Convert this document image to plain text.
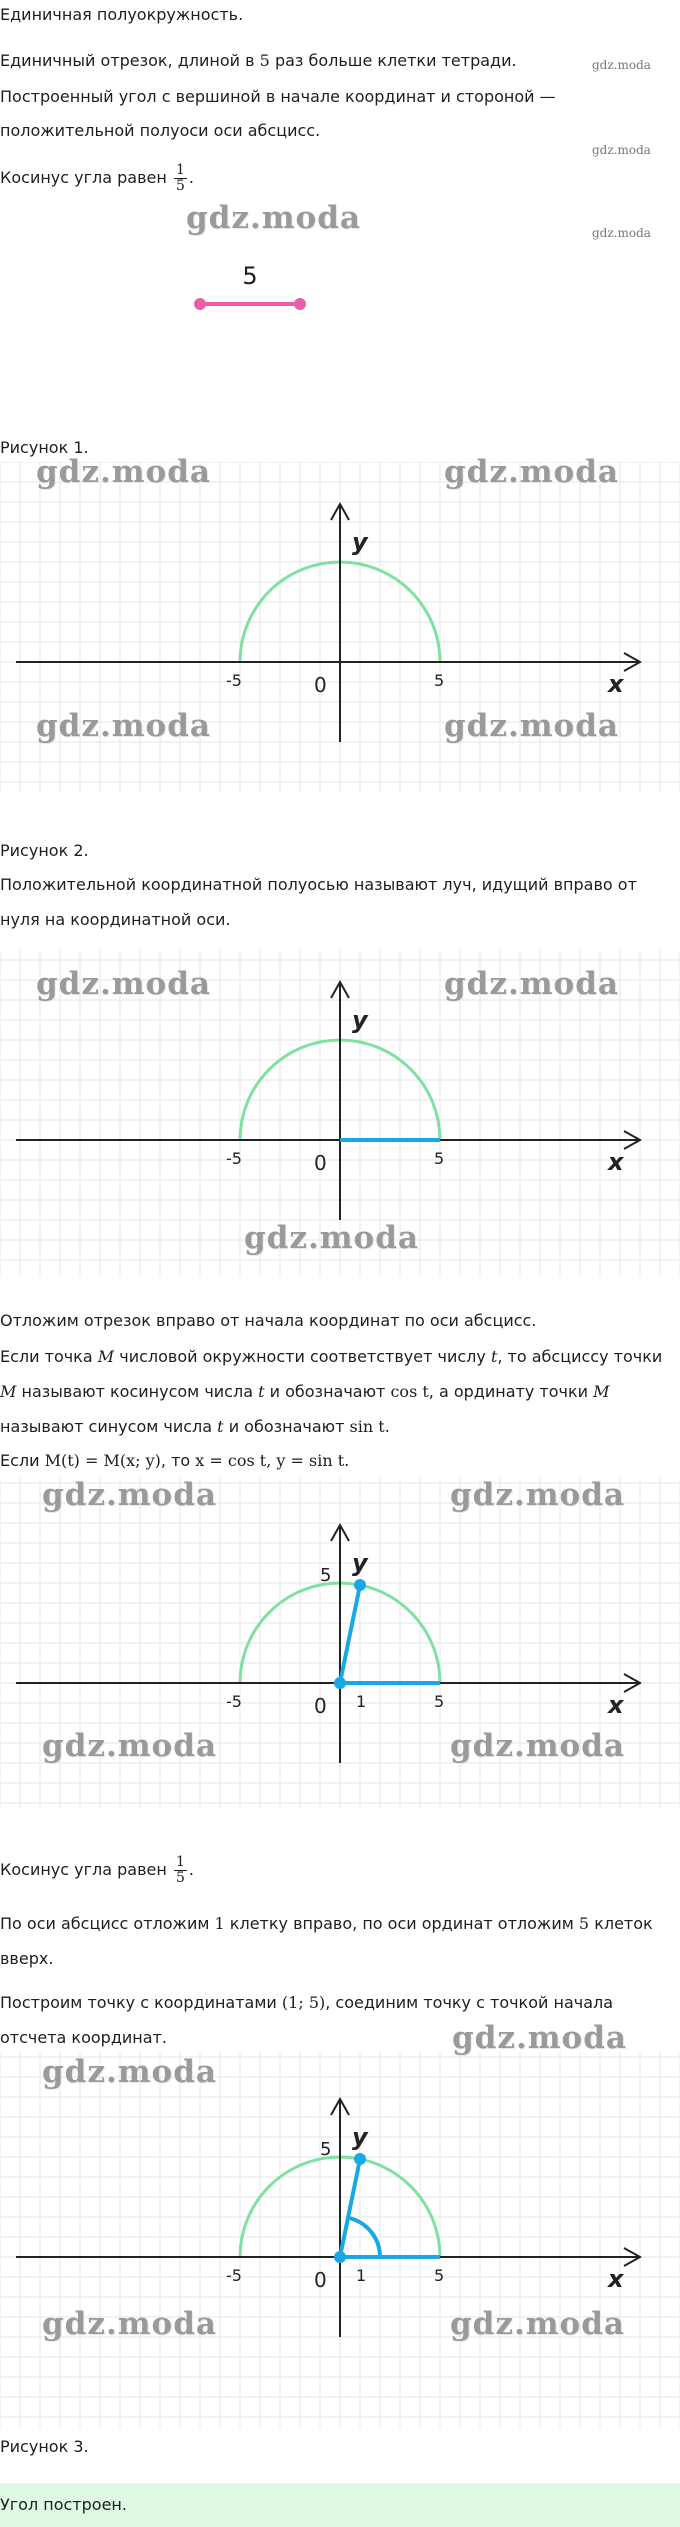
Единичная полуокружность.
Единичный отрезок, длиной в 5 раз больше клетки тетради.	gdz.moda
Построенный угол с вершиной в начале координат и стороной —
положительной полуоси оси абсцисс.
gdz.moda
Косинус угла равен $\frac{1}{5}$ .
gdz.moda
gdz.moda
5
Рисунок 1.
y
x
0
-5	5
gdz.moda	gdz.moda
gdz.moda	gdz.moda
Рисунок 2.
Положительной координатной полуосью называют луч, идущий вправо от
нуля на координатной оси.
y
x
0
-5	5
gdz.moda	gdz.moda
gdz.moda
Отложим отрезок вправо от начала координат по оси абсцисс.
Если точка M числовой окружности соответствует числу t, то абсциссу точки
M называют косинусом числа t и обозначают cos t, а ординату точки M
называют синусом числа t и обозначают sin t.
Если M(t) = M(x; y), то x = cos t, y = sin t.
5
1
y
x
0
-5	5
gdz.moda	gdz.moda
gdz.moda	gdz.moda
Косинус угла равен $\frac{1}{5}$ .
По оси абсцисс отложим 1 клетку вправо, по оси ординат отложим 5 клеток
вверх.
Построим точку с координатами (1; 5), соединим точку с точкой начала
отсчета координат.
5
1
y
x
0
-5	5
gdz.moda
gdz.moda
gdz.moda	gdz.moda
Рисунок 3.
Угол построен.
